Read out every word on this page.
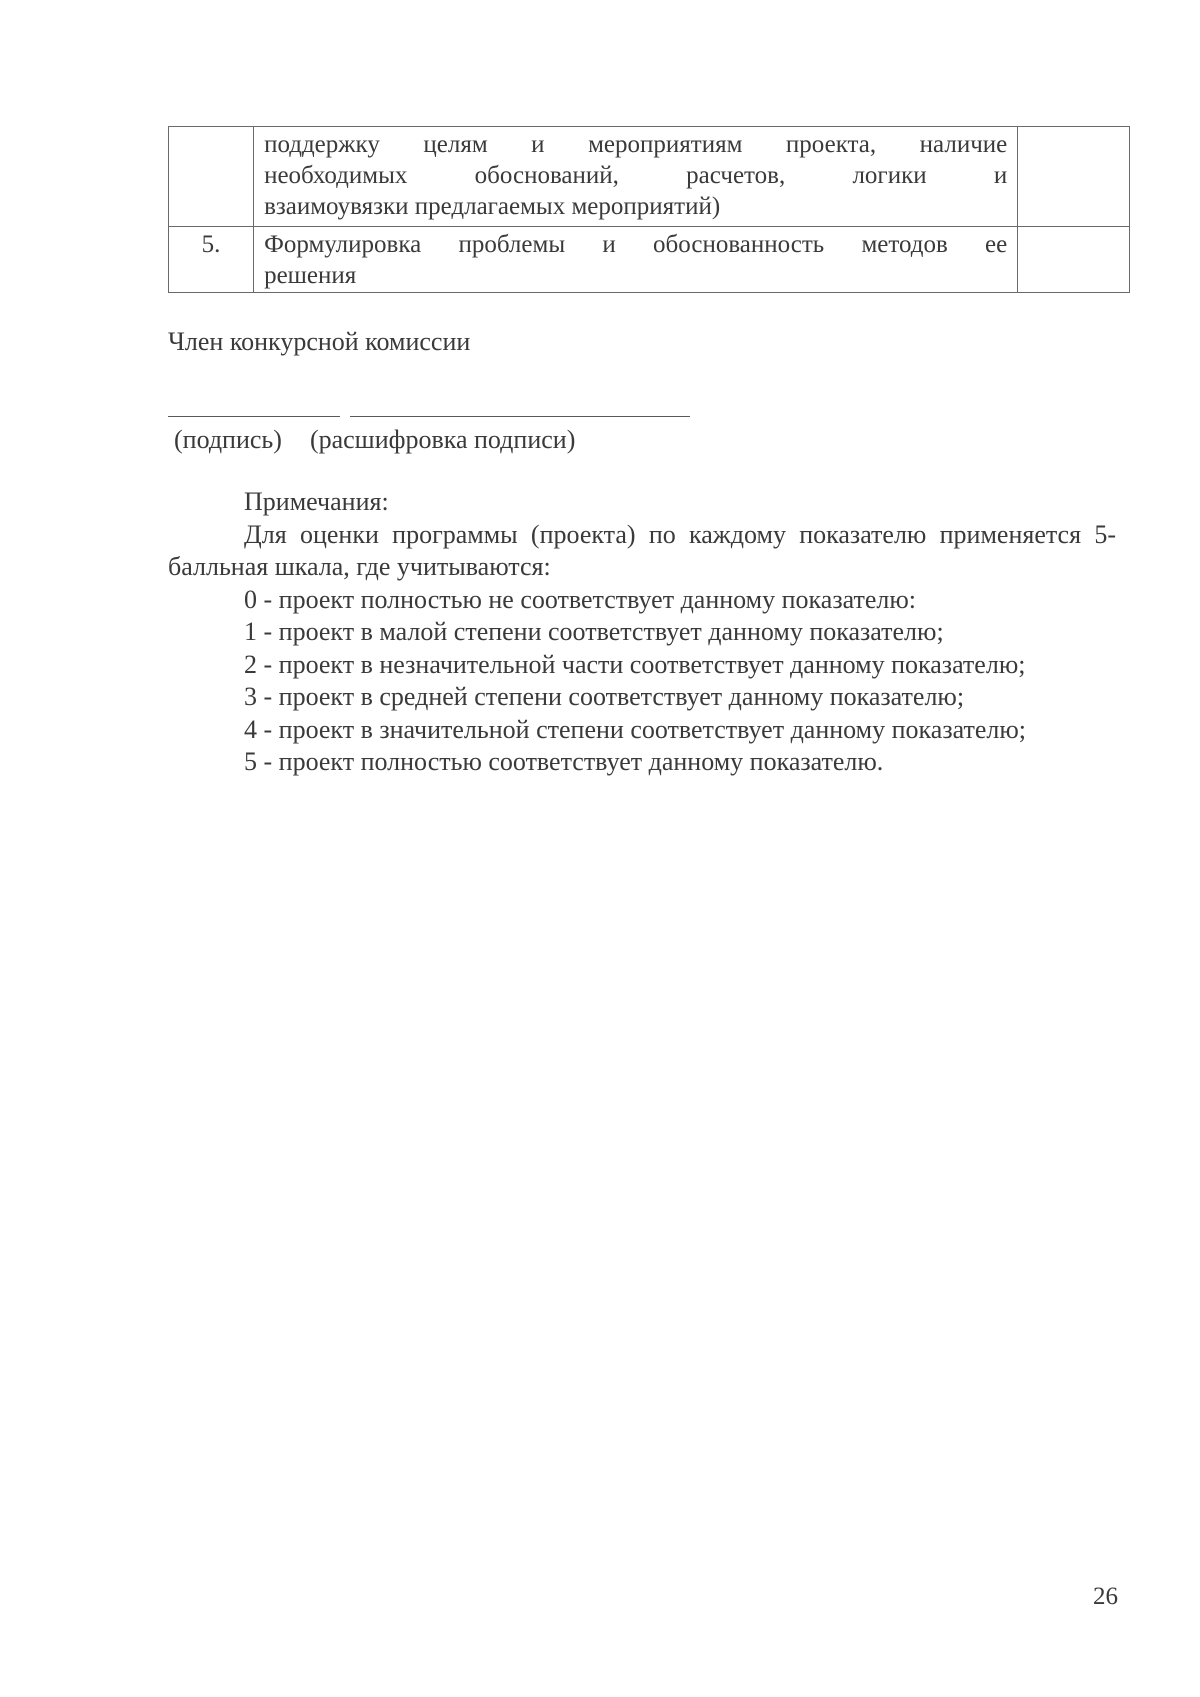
	поддержку целям и мероприятиям проекта, наличие
необходимых обоснований, расчетов, логики и
взаимоувязки предлагаемых мероприятий)	

5.	Формулировка проблемы и обоснованность методов ее
решения	

Член конкурсной комиссии
(подпись) (расшифровка подписи)
Примечания:
Для оценки программы (проекта) по каждому показателю применяется 5-балльная шкала, где учитываются:
0 - проект полностью не соответствует данному показателю:
1 - проект в малой степени соответствует данному показателю;
2 - проект в незначительной части соответствует данному показателю;
3 - проект в средней степени соответствует данному показателю;
4 - проект в значительной степени соответствует данному показателю;
5 - проект полностью соответствует данному показателю.
26
